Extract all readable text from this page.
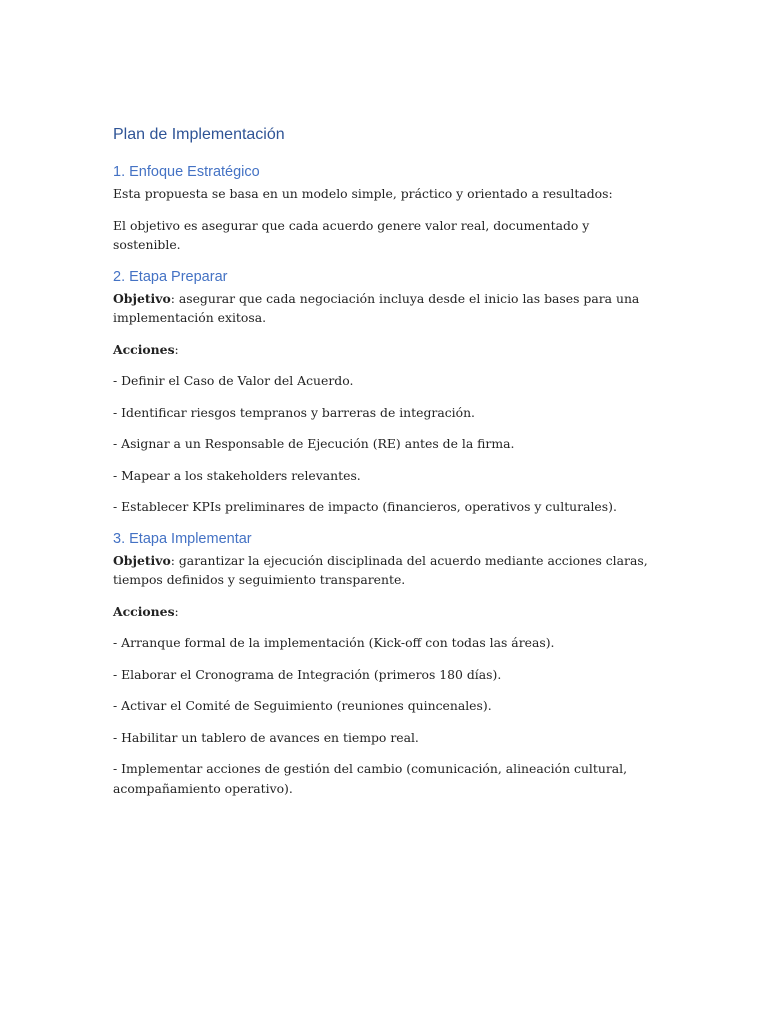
Plan de Implementación
1. Enfoque Estratégico

Esta propuesta se basa en un modelo simple, práctico y orientado a resultados:

El objetivo es asegurar que cada acuerdo genere valor real, documentado y sostenible.

2. Etapa Preparar

Objetivo: asegurar que cada negociación incluya desde el inicio las bases para una implementación exitosa.

Acciones:

- Definir el Caso de Valor del Acuerdo.

- Identificar riesgos tempranos y barreras de integración.

- Asignar a un Responsable de Ejecución (RE) antes de la firma.

- Mapear a los stakeholders relevantes.

- Establecer KPIs preliminares de impacto (financieros, operativos y culturales).

3. Etapa Implementar

Objetivo: garantizar la ejecución disciplinada del acuerdo mediante acciones claras, tiempos definidos y seguimiento transparente.

Acciones:

- Arranque formal de la implementación (Kick-off con todas las áreas).

- Elaborar el Cronograma de Integración (primeros 180 días).

- Activar el Comité de Seguimiento (reuniones quincenales).

- Habilitar un tablero de avances en tiempo real.

- Implementar acciones de gestión del cambio (comunicación, alineación cultural, acompañamiento operativo).
